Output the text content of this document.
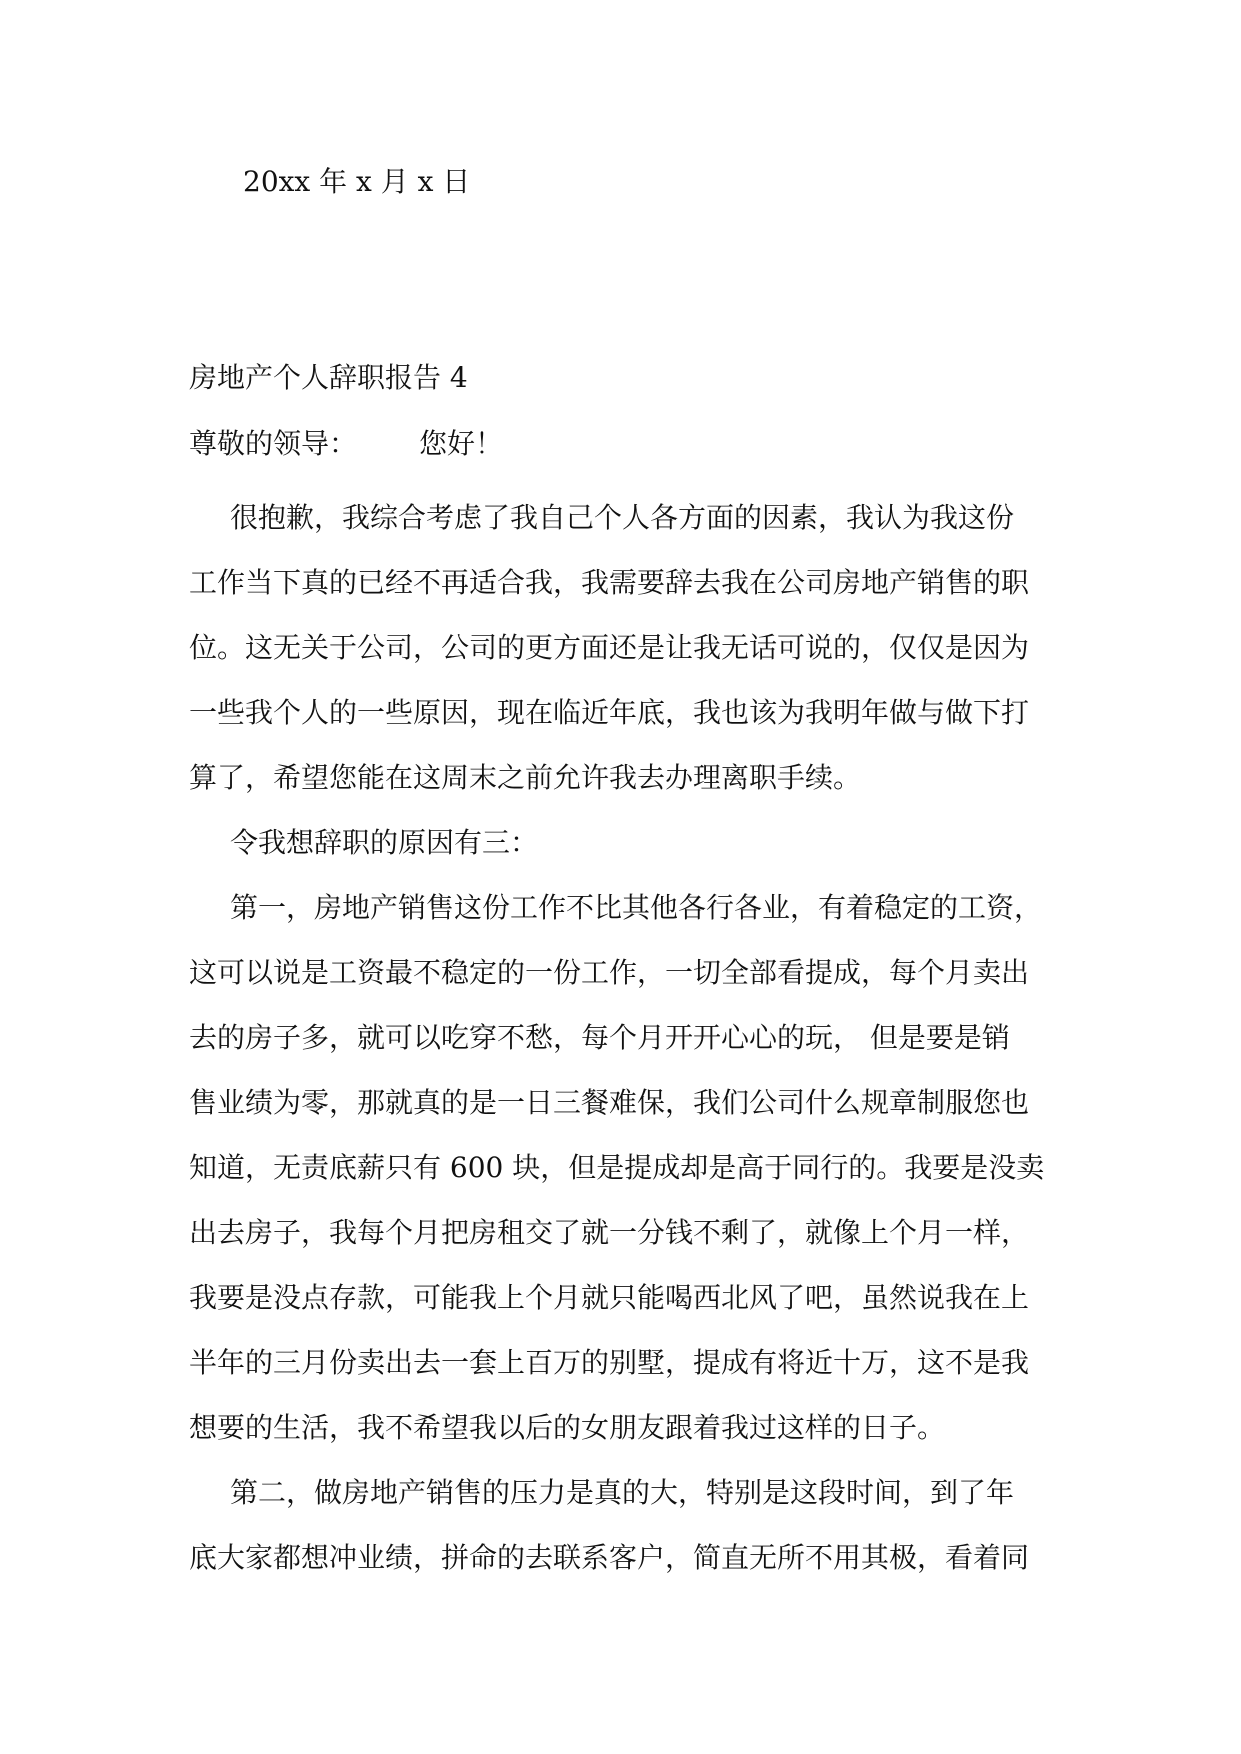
20xx 年 x 月 x 日
房地产个人辞职报告 4
尊敬的领导： 您好！

很抱歉，我综合考虑了我自己个人各方面的因素，我认为我这份
工作当下真的已经不再适合我，我需要辞去我在公司房地产销售的职
位。这无关于公司，公司的更方面还是让我无话可说的，仅仅是因为
一些我个人的一些原因，现在临近年底，我也该为我明年做与做下打
算了，希望您能在这周末之前允许我去办理离职手续。

令我想辞职的原因有三：

第一，房地产销售这份工作不比其他各行各业，有着稳定的工资，
这可以说是工资最不稳定的一份工作，一切全部看提成，每个月卖出
去的房子多，就可以吃穿不愁，每个月开开心心的玩， 但是要是销
售业绩为零，那就真的是一日三餐难保，我们公司什么规章制服您也
知道，无责底薪只有 600 块，但是提成却是高于同行的。我要是没卖
出去房子，我每个月把房租交了就一分钱不剩了，就像上个月一样，
我要是没点存款，可能我上个月就只能喝西北风了吧，虽然说我在上
半年的三月份卖出去一套上百万的别墅，提成有将近十万，这不是我
想要的生活，我不希望我以后的女朋友跟着我过这样的日子。

第二，做房地产销售的压力是真的大，特别是这段时间，到了年
底大家都想冲业绩，拼命的去联系客户，简直无所不用其极，看着同
